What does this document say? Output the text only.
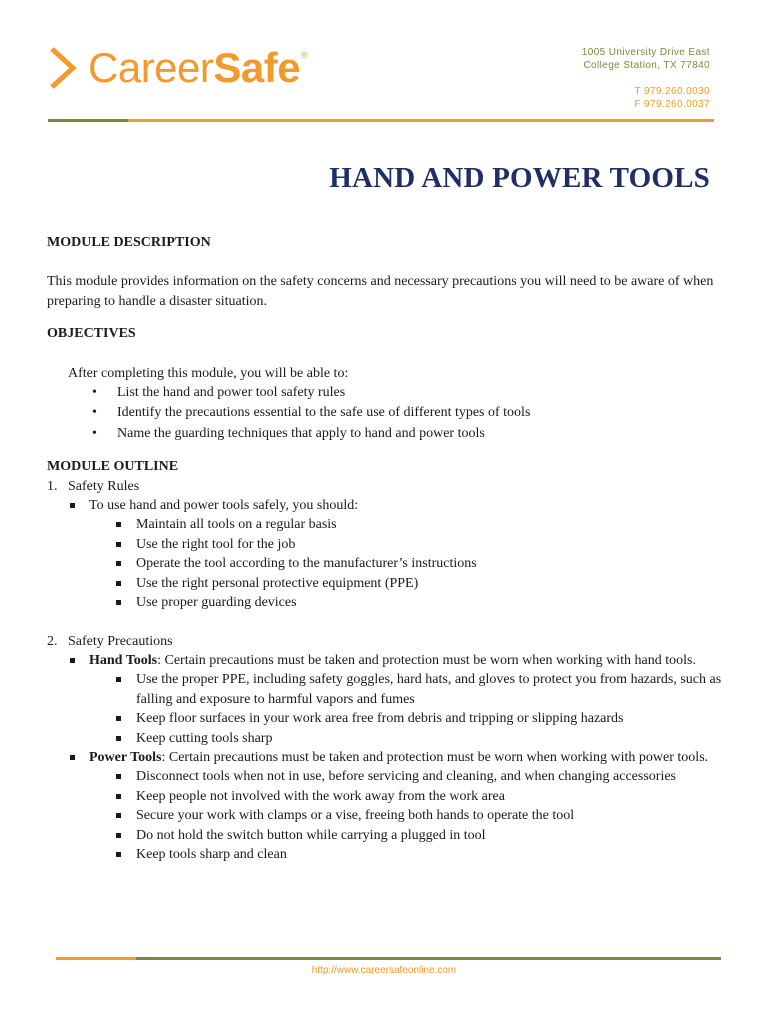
CareerSafe®	1005 University Drive East
College Station, TX 77840
T 979.260.0030
F 979.260.0037
HAND AND POWER TOOLS

MODULE DESCRIPTION

This module provides information on the safety concerns and necessary precautions you will need to be aware of when preparing to handle a disaster situation.

OBJECTIVES

After completing this module, you will be able to:

• List the hand and power tool safety rules
• Identify the precautions essential to the safe use of different types of tools
• Name the guarding techniques that apply to hand and power tools

MODULE OUTLINE

1. Safety Rules
To use hand and power tools safely, you should:
Maintain all tools on a regular basis
Use the right tool for the job
Operate the tool according to the manufacturer’s instructions
Use the right personal protective equipment (PPE)
Use proper guarding devices
2. Safety Precautions
Hand Tools: Certain precautions must be taken and protection must be worn when working with hand tools.
Use the proper PPE, including safety goggles, hard hats, and gloves to protect you from hazards, such as falling and exposure to harmful vapors and fumes
Keep floor surfaces in your work area free from debris and tripping or slipping hazards
Keep cutting tools sharp
Power Tools: Certain precautions must be taken and protection must be worn when working with power tools.
Disconnect tools when not in use, before servicing and cleaning, and when changing accessories
Keep people not involved with the work away from the work area
Secure your work with clamps or a vise, freeing both hands to operate the tool
Do not hold the switch button while carrying a plugged in tool
Keep tools sharp and clean
http://www.careersafeonline.com
